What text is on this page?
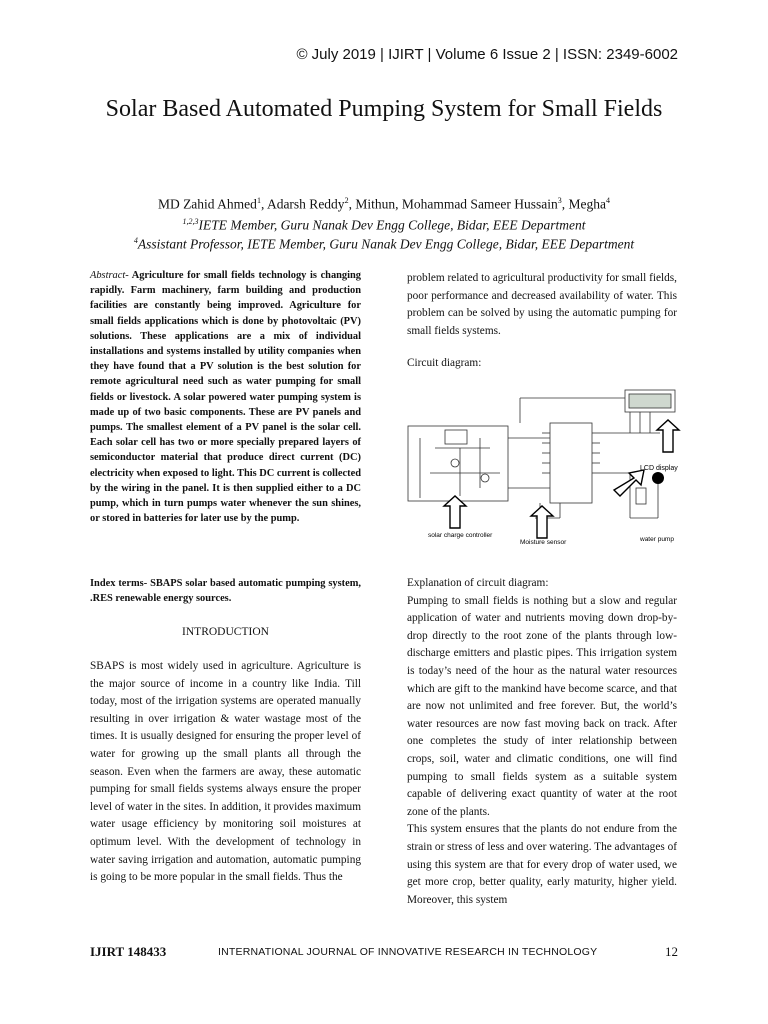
© July 2019 | IJIRT | Volume 6 Issue 2 | ISSN: 2349-6002
Solar Based Automated Pumping System for Small Fields
MD Zahid Ahmed$^1$, Adarsh Reddy$^2$, Mithun, Mohammad Sameer Hussain$^3$, Megha$^4$
$^{1,2,3}$IETE Member, Guru Nanak Dev Engg College, Bidar, EEE Department
$^4$Assistant Professor, IETE Member, Guru Nanak Dev Engg College, Bidar, EEE Department
Abstract- Agriculture for small fields technology is changing rapidly. Farm machinery, farm building and production facilities are constantly being improved. Agriculture for small fields applications which is done by photovoltaic (PV) solutions. These applications are a mix of individual installations and systems installed by utility companies when they have found that a PV solution is the best solution for remote agricultural need such as water pumping for small fields or livestock. A solar powered water pumping system is made up of two basic components. These are PV panels and pumps. The smallest element of a PV panel is the solar cell. Each solar cell has two or more specially prepared layers of semiconductor material that produce direct current (DC) electricity when exposed to light. This DC current is collected by the wiring in the panel. It is then supplied either to a DC pump, which in turn pumps water whenever the sun shines, or stored in batteries for later use by the pump.
Index terms- SBAPS solar based automatic pumping system, .RES renewable energy sources.
INTRODUCTION
SBAPS is most widely used in agriculture. Agriculture is the major source of income in a country like India. Till today, most of the irrigation systems are operated manually resulting in over irrigation & water wastage most of the times. It is usually designed for ensuring the proper level of water for growing up the small plants all through the season. Even when the farmers are away, these automatic pumping for small fields systems always ensure the proper level of water in the sites. In addition, it provides maximum water usage efficiency by monitoring soil moistures at optimum level. With the development of technology in water saving irrigation and automation, automatic pumping is going to be more popular in the small fields. Thus the
problem related to agricultural productivity for small fields, poor performance and decreased availability of water. This problem can be solved by using the automatic pumping for small fields systems.
Circuit diagram:
solar charge controller
Moisture sensor
LCD display
water pump

Explanation of circuit diagram:

Pumping to small fields is nothing but a slow and regular application of water and nutrients moving down drop-by-drop directly to the root zone of the plants through low-discharge emitters and plastic pipes. This irrigation system is today’s need of the hour as the natural water resources which are gift to the mankind have become scarce, and that are now not unlimited and free forever. But, the world’s water resources are now fast moving back on track. After one completes the study of inter relationship between crops, soil, water and climatic conditions, one will find pumping to small fields system as a suitable system capable of delivering exact quantity of water at the root zone of the plants.

This system ensures that the plants do not endure from the strain or stress of less and over watering. The advantages of using this system are that for every drop of water used, we get more crop, better quality, early maturity, higher yield. Moreover, this system

IJIRT 148433	INTERNATIONAL JOURNAL OF INNOVATIVE RESEARCH IN TECHNOLOGY	12
